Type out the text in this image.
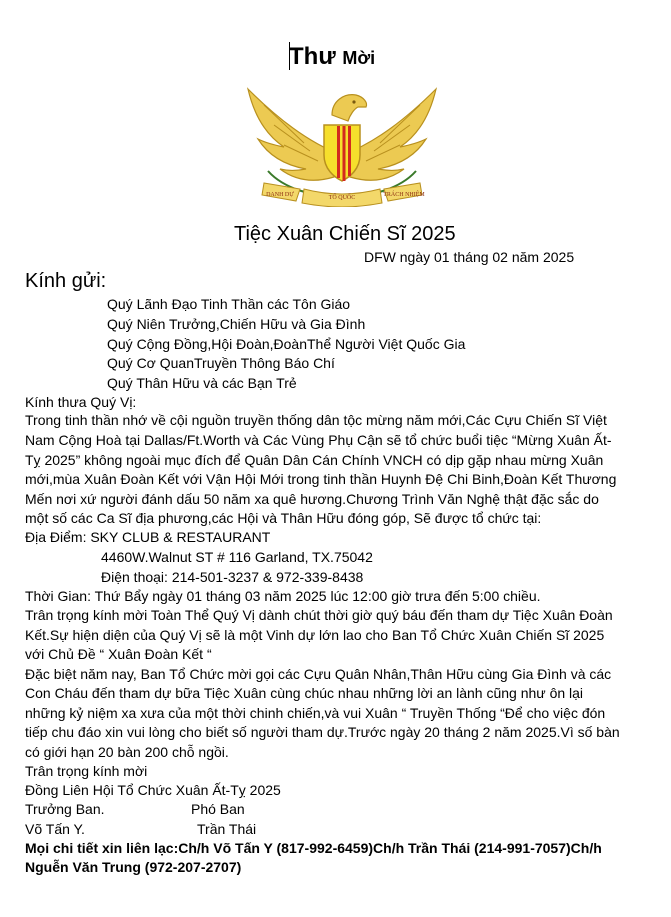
Thư Mời
DANH DỰ	TỔ QUỐC	TRÁCH NHIỆM
Tiệc Xuân Chiến Sĩ 2025
DFW ngày 01 tháng 02 năm 2025
Kính gửi:
Quý Lãnh Đạo Tinh Thần các Tôn Giáo
Quý Niên Trưởng,Chiến Hữu và Gia Đình
Quý Cộng Đồng,Hội Đoàn,ĐoànThể Người Việt Quốc Gia
Quý Cơ QuanTruyền Thông Báo Chí
Quý Thân Hữu và các Bạn Trẻ
Kính thưa Quý Vị:
Trong tinh thần nhớ về cội nguồn truyền thống dân tộc mừng năm mới,Các Cựu Chiến Sĩ Việt
Nam Cộng Hoà tại Dallas/Ft.Worth và Các Vùng Phụ Cận sẽ tổ chức buổi tiệc “Mừng Xuân Ất-
Tỵ 2025” không ngoài mục đích để Quân Dân Cán Chính VNCH có dịp gặp nhau mừng Xuân
mới,mùa Xuân Đoàn Kết với Vận Hội Mới trong tinh thần Huynh Đệ Chi Binh,Đoàn Kết Thương
Mến nơi xứ người đánh dấu 50 năm xa quê hương.Chương Trình Văn Nghệ thật đặc sắc do
một số các Ca Sĩ địa phương,các Hội và Thân Hữu đóng góp, Sẽ được tổ chức tại:
Địa Điểm: SKY CLUB & RESTAURANT
4460W.Walnut ST # 116 Garland, TX.75042
Điện thoại: 214-501-3237 & 972-339-8438
Thời Gian: Thứ Bẩy ngày 01 tháng 03 năm 2025 lúc 12:00 giờ trưa đến 5:00 chiều.
Trân trọng kính mời Toàn Thể Quý Vị dành chút thời giờ quý báu đến tham dự Tiệc Xuân Đoàn
Kết.Sự hiện diện của Quý Vị sẽ là một Vinh dự lớn lao cho Ban Tổ Chức Xuân Chiến Sĩ 2025
với Chủ Đề “ Xuân Đoàn Kết “
Đặc biệt năm nay, Ban Tổ Chức mời gọi các Cựu Quân Nhân,Thân Hữu cùng Gia Đình và các
Con Cháu đến tham dự bữa Tiệc Xuân cùng chúc nhau những lời an lành cũng như ôn lại
những kỷ niệm xa xưa của một thời chinh chiến,và vui Xuân “ Truyền Thống “Để cho việc đón
tiếp chu đáo xin vui lòng cho biết số người tham dự.Trước ngày 20 tháng 2 năm 2025.Vì số bàn
có giới hạn 20 bàn 200 chỗ ngồi.
Trân trọng kính mời
Đồng Liên Hội Tổ Chức Xuân Ất-Tỵ 2025
Trưởng Ban.	Phó Ban
Võ Tấn Y.	Trần Thái
Mọi chi tiết xin liên lạc:Ch/h Võ Tấn Y (817-992-6459)Ch/h Trần Thái (214-991-7057)Ch/h
Nguễn Văn Trung (972-207-2707)
